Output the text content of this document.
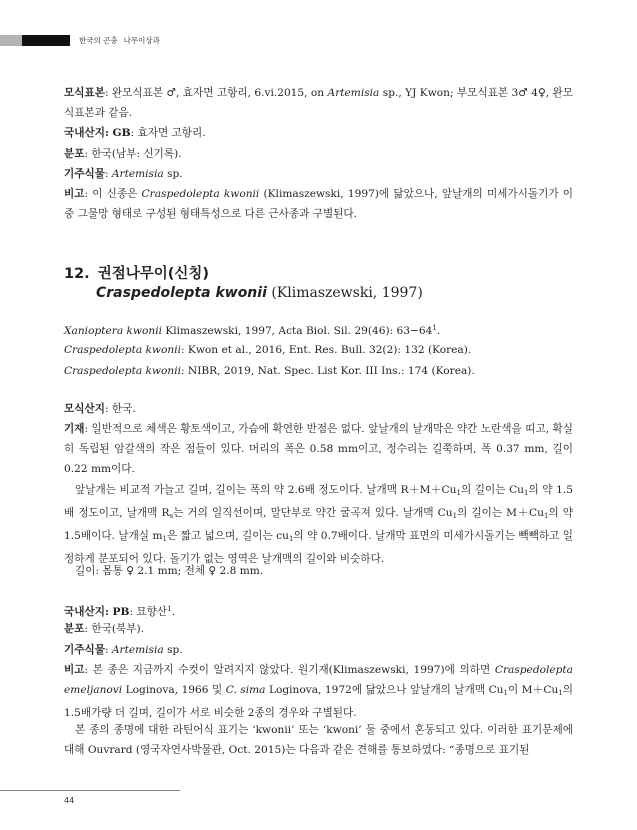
한국의 곤충 나무이상과
모식표본: 완모식표본 ♂, 효자면 고항리, 6.vi.2015, on Artemisia sp., YJ Kwon; 부모식표본 3♂ 4♀, 완모식표본과 같음.
국내산지: GB: 효자면 고항리.
분포: 한국(남부: 신기록).
기주식물: Artemisia sp.
비고: 이 신종은 Craspedolepta kwonii (Klimaszewski, 1997)에 닮았으나, 앞날개의 미세가시돌기가 이중 그물망 형태로 구성된 형태특성으로 다른 근사종과 구별된다.
12. 권점나무이(신칭)
Craspedolepta kwonii (Klimaszewski, 1997)
Xanioptera kwonii Klimaszewski, 1997, Acta Biol. Sil. 29(46): $63-64^1$.
Craspedolepta kwonii: Kwon et al., 2016, Ent. Res. Bull. 32(2): 132 (Korea).
Craspedolepta kwonii: NIBR, 2019, Nat. Spec. List Kor. III Ins.: 174 (Korea).
모식산지: 한국.
기재: 일반적으로 체색은 황토색이고, 가슴에 확연한 반점은 없다. 앞날개의 날개막은 약간 노란색을 띠고, 확실히 독립된 암갈색의 작은 점들이 있다. 머리의 폭은 0.58 mm이고, 정수리는 길쭉하며, 폭 0.37 mm, 길이 0.22 mm이다.
앞날개는 비교적 가늘고 길며, 길이는 폭의 약 2.6배 정도이다. 날개맥 $R+M+Cu_1$의 길이는 $Cu_1$의 약 1.5배 정도이고, 날개맥 $R_s$는 거의 일직선이며, 말단부로 약간 굴곡져 있다. 날개맥 $Cu_1$의 길이는 $M+Cu_1$의 약 1.5배이다. 날개실 $m_1$은 짧고 넓으며, 길이는 $cu_1$의 약 0.7배이다. 날개막 표면의 미세가시돌기는 빽빽하고 일정하게 분포되어 있다. 돌기가 없는 영역은 날개맥의 길이와 비슷하다.
길이: 몸통 ♀ 2.1 mm; 전체 ♀ 2.8 mm.
국내산지: PB: 묘향산$^1$.
분포: 한국(북부).
기주식물: Artemisia sp.
비고: 본 종은 지금까지 수컷이 알려지지 않았다. 원기재(Klimaszewski, 1997)에 의하면 Craspedolepta emeljanovi Loginova, 1966 및 C. sima Loginova, 1972에 닮았으나 앞날개의 날개맥 $Cu_1$이 $M+Cu_1$의 1.5배가량 더 길며, 길이가 서로 비슷한 2종의 경우와 구별된다.
본 종의 종명에 대한 라틴어식 표기는 ‘kwonii’ 또는 ‘kwoni’ 둘 중에서 혼동되고 있다. 이러한 표기문제에 대해 Ouvrard (영국자연사박물관, Oct. 2015)는 다음과 같은 견해를 통보하였다: “종명으로 표기된
44
